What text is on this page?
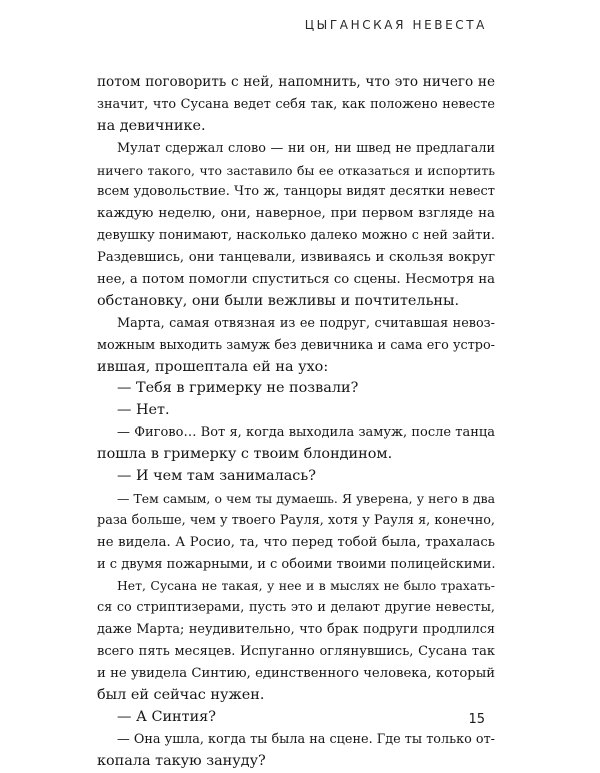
ЦЫГАНСКАЯ НЕВЕСТА
потом поговорить с ней, напомнить, что это ничего не
значит, что Сусана ведет себя так, как положено невесте
на девичнике.
Мулат сдержал слово — ни он, ни швед не предлагали
ничего такого, что заставило бы ее отказаться и испортить
всем удовольствие. Что ж, танцоры видят десятки невест
каждую неделю, они, наверное, при первом взгляде на
девушку понимают, насколько далеко можно с ней зайти.
Раздевшись, они танцевали, извиваясь и скользя вокруг
нее, а потом помогли спуститься со сцены. Несмотря на
обстановку, они были вежливы и почтительны.
Марта, самая отвязная из ее подруг, считавшая невоз-
можным выходить замуж без девичника и сама его устро-
ившая, прошептала ей на ухо:
— Тебя в гримерку не позвали?
— Нет.
— Фигово… Вот я, когда выходила замуж, после танца
пошла в гримерку с твоим блондином.
— И чем там занималась?
— Тем самым, о чем ты думаешь. Я уверена, у него в два
раза больше, чем у твоего Рауля, хотя у Рауля я, конечно,
не видела. А Росио, та, что перед тобой была, трахалась
и с двумя пожарными, и с обоими твоими полицейскими.
Нет, Сусана не такая, у нее и в мыслях не было трахать-
ся со стриптизерами, пусть это и делают другие невесты,
даже Марта; неудивительно, что брак подруги продлился
всего пять месяцев. Испуганно оглянувшись, Сусана так
и не увидела Синтию, единственного человека, который
был ей сейчас нужен.
— А Синтия?
— Она ушла, когда ты была на сцене. Где ты только от-
копала такую зануду?
15
